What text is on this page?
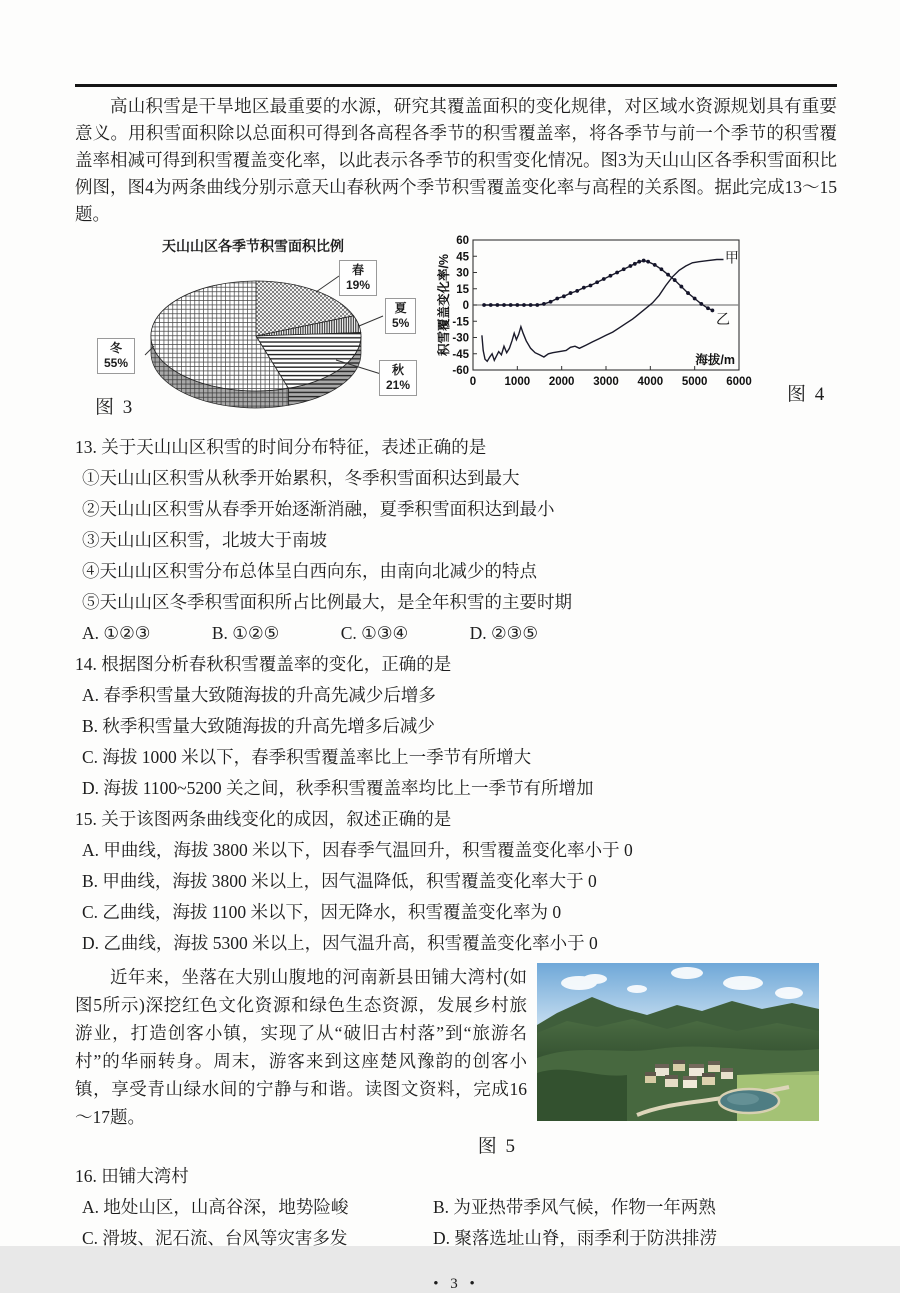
高山积雪是干旱地区最重要的水源，研究其覆盖面积的变化规律，对区域水资源规划具有重要意义。用积雪面积除以总面积可得到各高程各季节的积雪覆盖率，将各季节与前一个季节的积雪覆盖率相减可得到积雪覆盖变化率，以此表示各季节的积雪变化情况。图3为天山山区各季积雪面积比例图，图4为两条曲线分别示意天山春秋两个季节积雪覆盖变化率与高程的关系图。据此完成13～15题。

天山山区各季节积雪面积比例
春
19%
夏
5%
秋
21%
冬
55%
图 3
60
45
30
15
0
-15
-30
-45
-60
0 1000 2000 3000 4000 5000 6000
甲
乙
海拔/m
积雪覆盖变化率/%
图 4
13. 关于天山山区积雪的时间分布特征，表述正确的是
①天山山区积雪从秋季开始累积，冬季积雪面积达到最大
②天山山区积雪从春季开始逐渐消融，夏季积雪面积达到最小
③天山山区积雪，北坡大于南坡
④天山山区积雪分布总体呈白西向东，由南向北减少的特点
⑤天山山区冬季积雪面积所占比例最大，是全年积雪的主要时期
A. ①②③	B. ①②⑤	C. ①③④	D. ②③⑤
14. 根据图分析春秋积雪覆盖率的变化，正确的是
A. 春季积雪量大致随海拔的升高先减少后增多
B. 秋季积雪量大致随海拔的升高先增多后减少
C. 海拔 1000 米以下，春季积雪覆盖率比上一季节有所增大
D. 海拔 1100~5200 关之间，秋季积雪覆盖率均比上一季节有所增加
15. 关于该图两条曲线变化的成因，叙述正确的是
A. 甲曲线，海拔 3800 米以下，因春季气温回升，积雪覆盖变化率小于 0
B. 甲曲线，海拔 3800 米以上，因气温降低，积雪覆盖变化率大于 0
C. 乙曲线，海拔 1100 米以下，因无降水，积雪覆盖变化率为 0
D. 乙曲线，海拔 5300 米以上，因气温升高，积雪覆盖变化率小于 0
近年来，坐落在大别山腹地的河南新县田铺大湾村(如图5所示)深挖红色文化资源和绿色生态资源，发展乡村旅游业，打造创客小镇，实现了从“破旧古村落”到“旅游名村”的华丽转身。周末，游客来到这座楚风豫韵的创客小镇，享受青山绿水间的宁静与和谐。读图文资料，完成16～17题。
图 5
16. 田铺大湾村
A. 地处山区，山高谷深，地势险峻	B. 为亚热带季风气候，作物一年两熟
C. 滑坡、泥石流、台风等灾害多发	D. 聚落选址山脊，雨季利于防洪排涝
• 3 •
